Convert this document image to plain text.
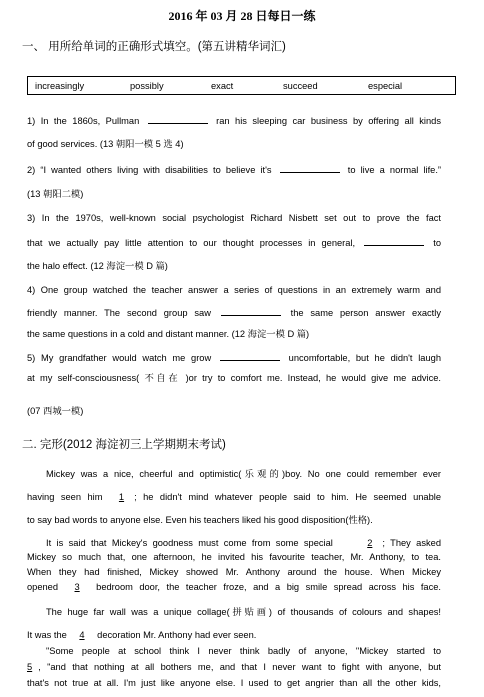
2016 年 03 月 28 日每日一练
一、 用所给单词的正确形式填空。(第五讲精华词汇)
increasingly	possibly	exact	succeed	especial
1) In the 1860s, Pullman	ran his sleeping car business by offering all kinds
of good services. (13 朝阳一模 5 选 4)
2) “I wanted others living with disabilities to believe it's	to live a normal life.”
(13 朝阳二模)
3) In the 1970s, well-known social psychologist Richard Nisbett set out to prove the fact
that we actually pay little attention to our thought processes in general,	to
the halo effect. (12 海淀一模 D 篇)
4) One group watched the teacher answer a series of questions in an extremely warm and
friendly manner. The second group saw	the same person answer exactly
the same questions in a cold and distant manner. (12 海淀一模 D 篇)
5) My grandfather would watch me grow	uncomfortable, but he didn't laugh
at my self-consciousness( 不自在 )or try to comfort me. Instead, he would give me advice.
(07 西城一模)
二. 完形(2012 海淀初三上学期期末考试)
Mickey was a nice, cheerful and optimistic(乐观的)boy. No one could remember ever
having seen him 1 ; he didn't mind whatever people said to him. He seemed unable
to say bad words to anyone else. Even his teachers liked his good disposition(性格).
It is said that Mickey's goodness must come from some special	2 ; They asked
Mickey so much that, one afternoon, he invited his favourite teacher, Mr. Anthony, to tea.
When they had finished, Mickey showed Mr. Anthony around the house. When Mickey
opened 3 bedroom door, the teacher froze, and a big smile spread across his face.
The huge far wall was a unique collage(拼贴画) of thousands of colours and shapes!
It was the 4 decoration Mr. Anthony had ever seen.
"Some people at school think I never think badly of anyone, "Mickey started to
5 , "and that nothing at all bothers me, and that I never want to fight with anyone, but
that's not true at all. I'm just like anyone else. I used to get angrier than all the other kids,
